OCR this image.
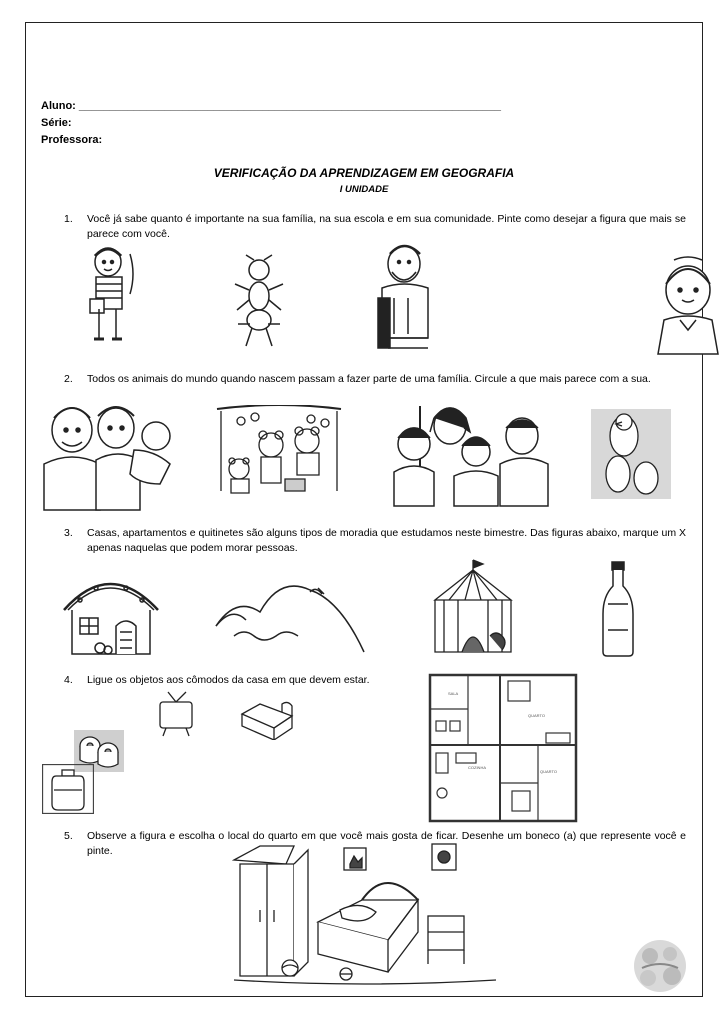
Aluno: _____________________________________________________________________
Série:
Professora:
VERIFICAÇÃO DA APRENDIZAGEM EM GEOGRAFIA
I UNIDADE
1.	Você já sabe quanto é importante na sua família, na sua escola e em sua comunidade. Pinte como desejar a figura que mais se parece com você.
2.	Todos os animais do mundo quando nascem passam a fazer parte de uma família. Circule a que mais parece com a sua.
3.	Casas, apartamentos e quitinetes são alguns tipos de moradia que estudamos neste bimestre. Das figuras abaixo, marque um X apenas naquelas que podem morar pessoas.
4.	Ligue os objetos aos cômodos da casa em que devem estar.
SALA
QUARTO
COZINHA
QUARTO
5.	Observe a figura e escolha o local do quarto em que você mais gosta de ficar. Desenhe um boneco (a) que represente você e pinte.
